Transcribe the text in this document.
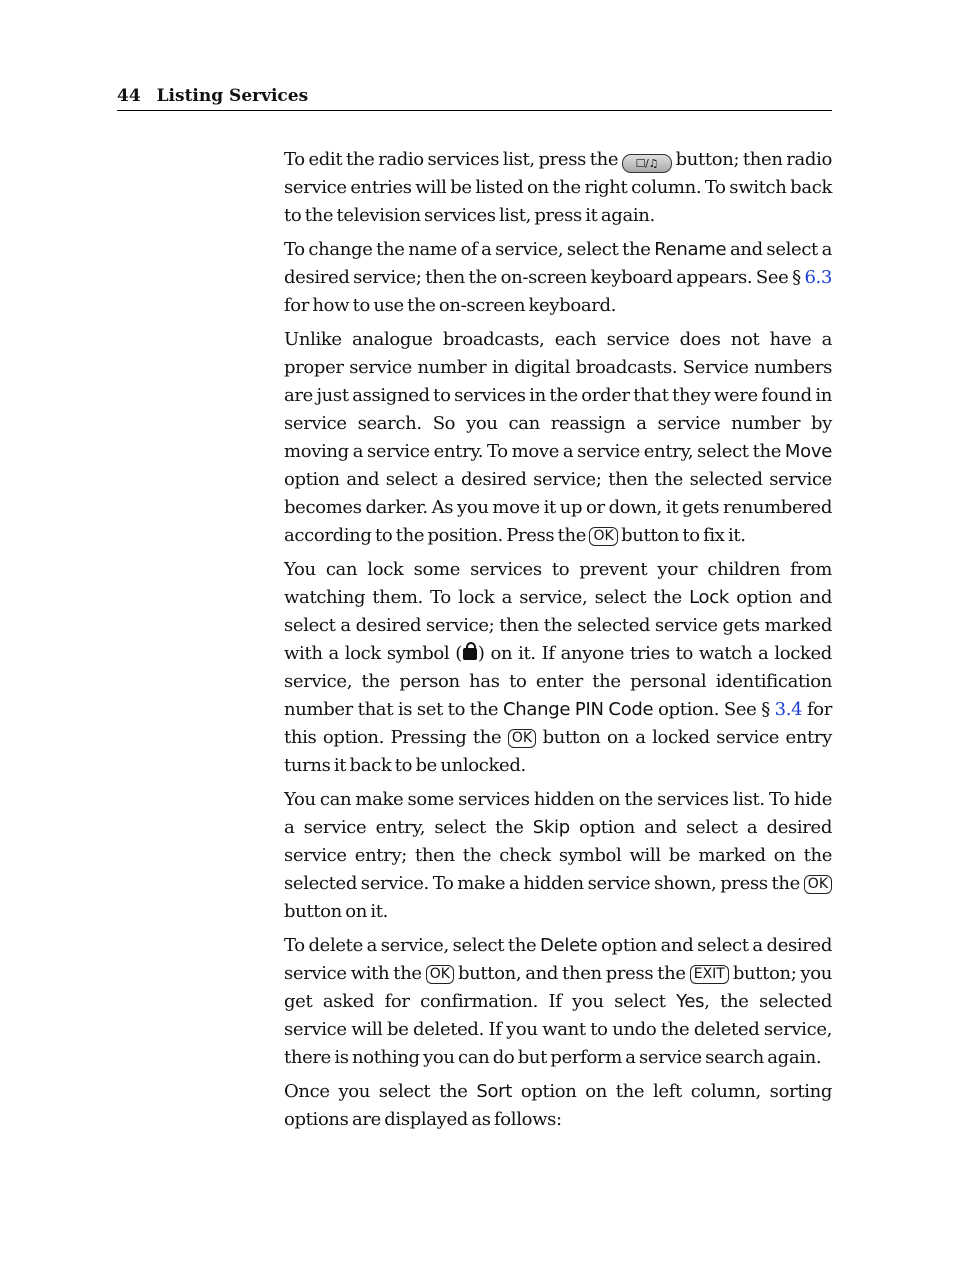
44 Listing Services

To edit the radio services list, press the ☐/♫ button; then radio service entries will be listed on the right column. To switch back to the television services list, press it again.

To change the name of a service, select the Rename and select a desired service; then the on-screen keyboard appears. See § 6.3 for how to use the on-screen keyboard.

Unlike analogue broadcasts, each service does not have a proper service number in digital broadcasts. Service numbers are just assigned to services in the order that they were found in service search. So you can reassign a service number by moving a service entry. To move a service entry, select the Move option and select a desired service; then the selected service becomes darker. As you move it up or down, it gets renumbered according to the position. Press the OK button to fix it.

You can lock some services to prevent your children from watching them. To lock a service, select the Lock option and select a desired service; then the selected service gets marked with a lock symbol ( ) on it. If anyone tries to watch a locked service, the person has to enter the personal identification number that is set to the Change PIN Code option. See § 3.4 for this option. Pressing the OK button on a locked service entry turns it back to be unlocked.

You can make some services hidden on the services list. To hide a service entry, select the Skip option and select a desired service entry; then the check symbol will be marked on the selected service. To make a hidden service shown, press the OK button on it.

To delete a service, select the Delete option and select a desired service with the OK button, and then press the EXIT button; you get asked for confirmation. If you select Yes, the selected service will be deleted. If you want to undo the deleted service, there is nothing you can do but perform a service search again.

Once you select the Sort option on the left column, sorting options are displayed as follows:
